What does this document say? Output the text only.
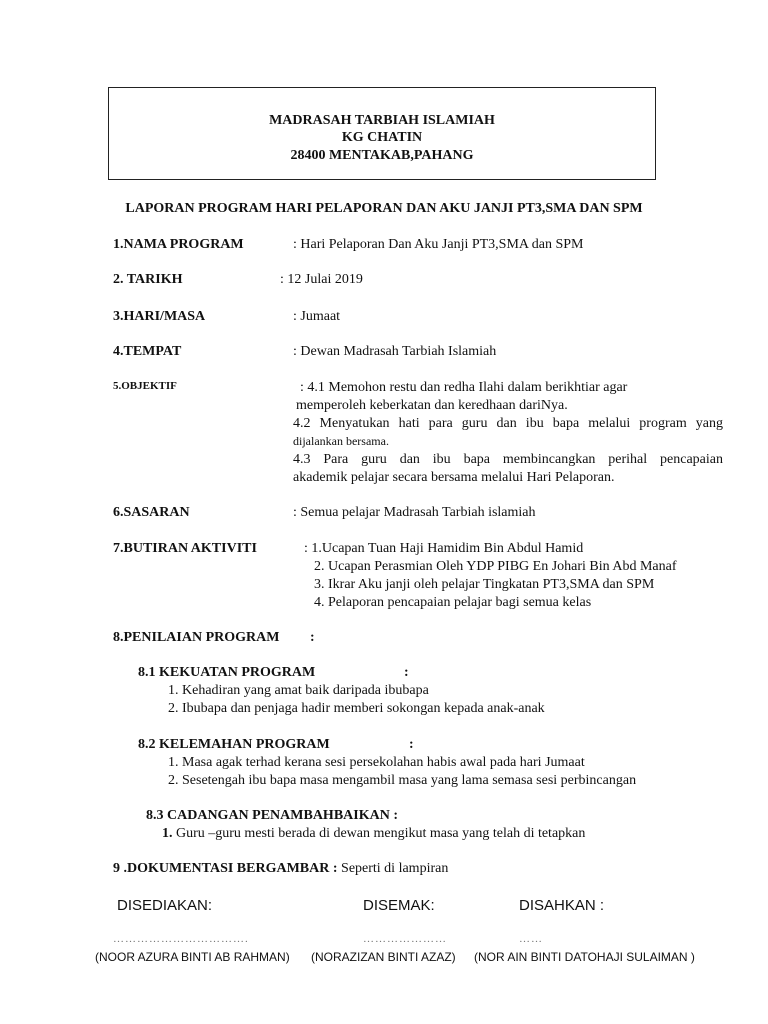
MADRASAH TARBIAH ISLAMIAH
KG CHATIN
28400 MENTAKAB,PAHANG
LAPORAN PROGRAM HARI PELAPORAN DAN AKU JANJI PT3,SMA DAN SPM
1.NAMA PROGRAM	: Hari Pelaporan Dan Aku Janji PT3,SMA dan SPM
2. TARIKH	: 12 Julai 2019
3.HARI/MASA	: Jumaat
4.TEMPAT	: Dewan Madrasah Tarbiah Islamiah
5.OBJEKTIF	: 4.1 Memohon restu dan redha Ilahi dalam berikhtiar agar
memperoleh keberkatan dan keredhaan dariNya.
4.2 Menyatukan hati para guru dan ibu bapa melalui program yang
dijalankan bersama.
4.3 Para guru dan ibu bapa membincangkan perihal pencapaian
akademik pelajar secara bersama melalui Hari Pelaporan.
6.SASARAN	: Semua pelajar Madrasah Tarbiah islamiah
7.BUTIRAN AKTIVITI	: 1.Ucapan Tuan Haji Hamidim Bin Abdul Hamid
2. Ucapan Perasmian Oleh YDP PIBG En Johari Bin Abd Manaf
3. Ikrar Aku janji oleh pelajar Tingkatan PT3,SMA dan SPM
4. Pelaporan pencapaian pelajar bagi semua kelas
8.PENILAIAN PROGRAM :
8.1 KEKUATAN PROGRAM	:
1. Kehadiran yang amat baik daripada ibubapa
2. Ibubapa dan penjaga hadir memberi sokongan kepada anak-anak
8.2 KELEMAHAN PROGRAM	:
1. Masa agak terhad kerana sesi persekolahan habis awal pada hari Jumaat
2. Sesetengah ibu bapa masa mengambil masa yang lama semasa sesi perbincangan
8.3 CADANGAN PENAMBAHBAIKAN :
1. Guru –guru mesti berada di dewan mengikut masa yang telah di tetapkan
9 .DOKUMENTASI BERGAMBAR : Seperti di lampiran
DISEDIAKAN:	DISEMAK:	DISAHKAN :
…………………………….	…………………	……
(NOOR AZURA BINTI AB RAHMAN) (NORAZIZAN BINTI AZAZ) (NOR AIN BINTI DATOHAJI SULAIMAN )
